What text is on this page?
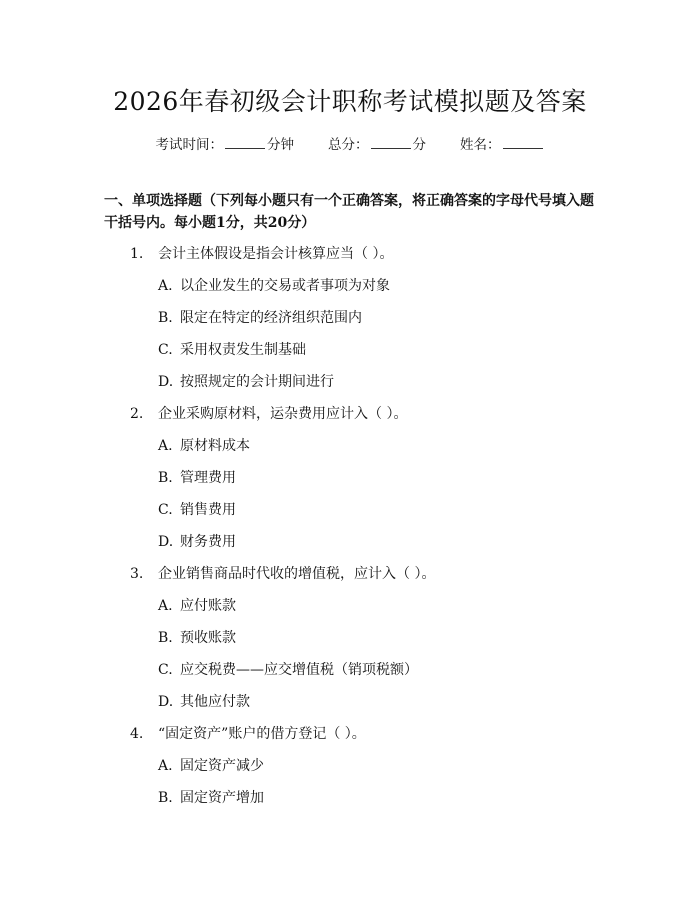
2026年春初级会计职称考试模拟题及答案
考试时间：	分钟	总分：	分	姓名：
一、单项选择题（下列每小题只有一个正确答案，将正确答案的字母代号填入题干括号内。每小题1分，共20分）
1. 会计主体假设是指会计核算应当（ ）。
A. 以企业发生的交易或者事项为对象
B. 限定在特定的经济组织范围内
C. 采用权责发生制基础
D. 按照规定的会计期间进行
2. 企业采购原材料，运杂费用应计入（ ）。
A. 原材料成本
B. 管理费用
C. 销售费用
D. 财务费用
3. 企业销售商品时代收的增值税，应计入（ ）。
A. 应付账款
B. 预收账款
C. 应交税费——应交增值税（销项税额）
D. 其他应付款
4. “固定资产”账户的借方登记（ ）。
A. 固定资产减少
B. 固定资产增加
